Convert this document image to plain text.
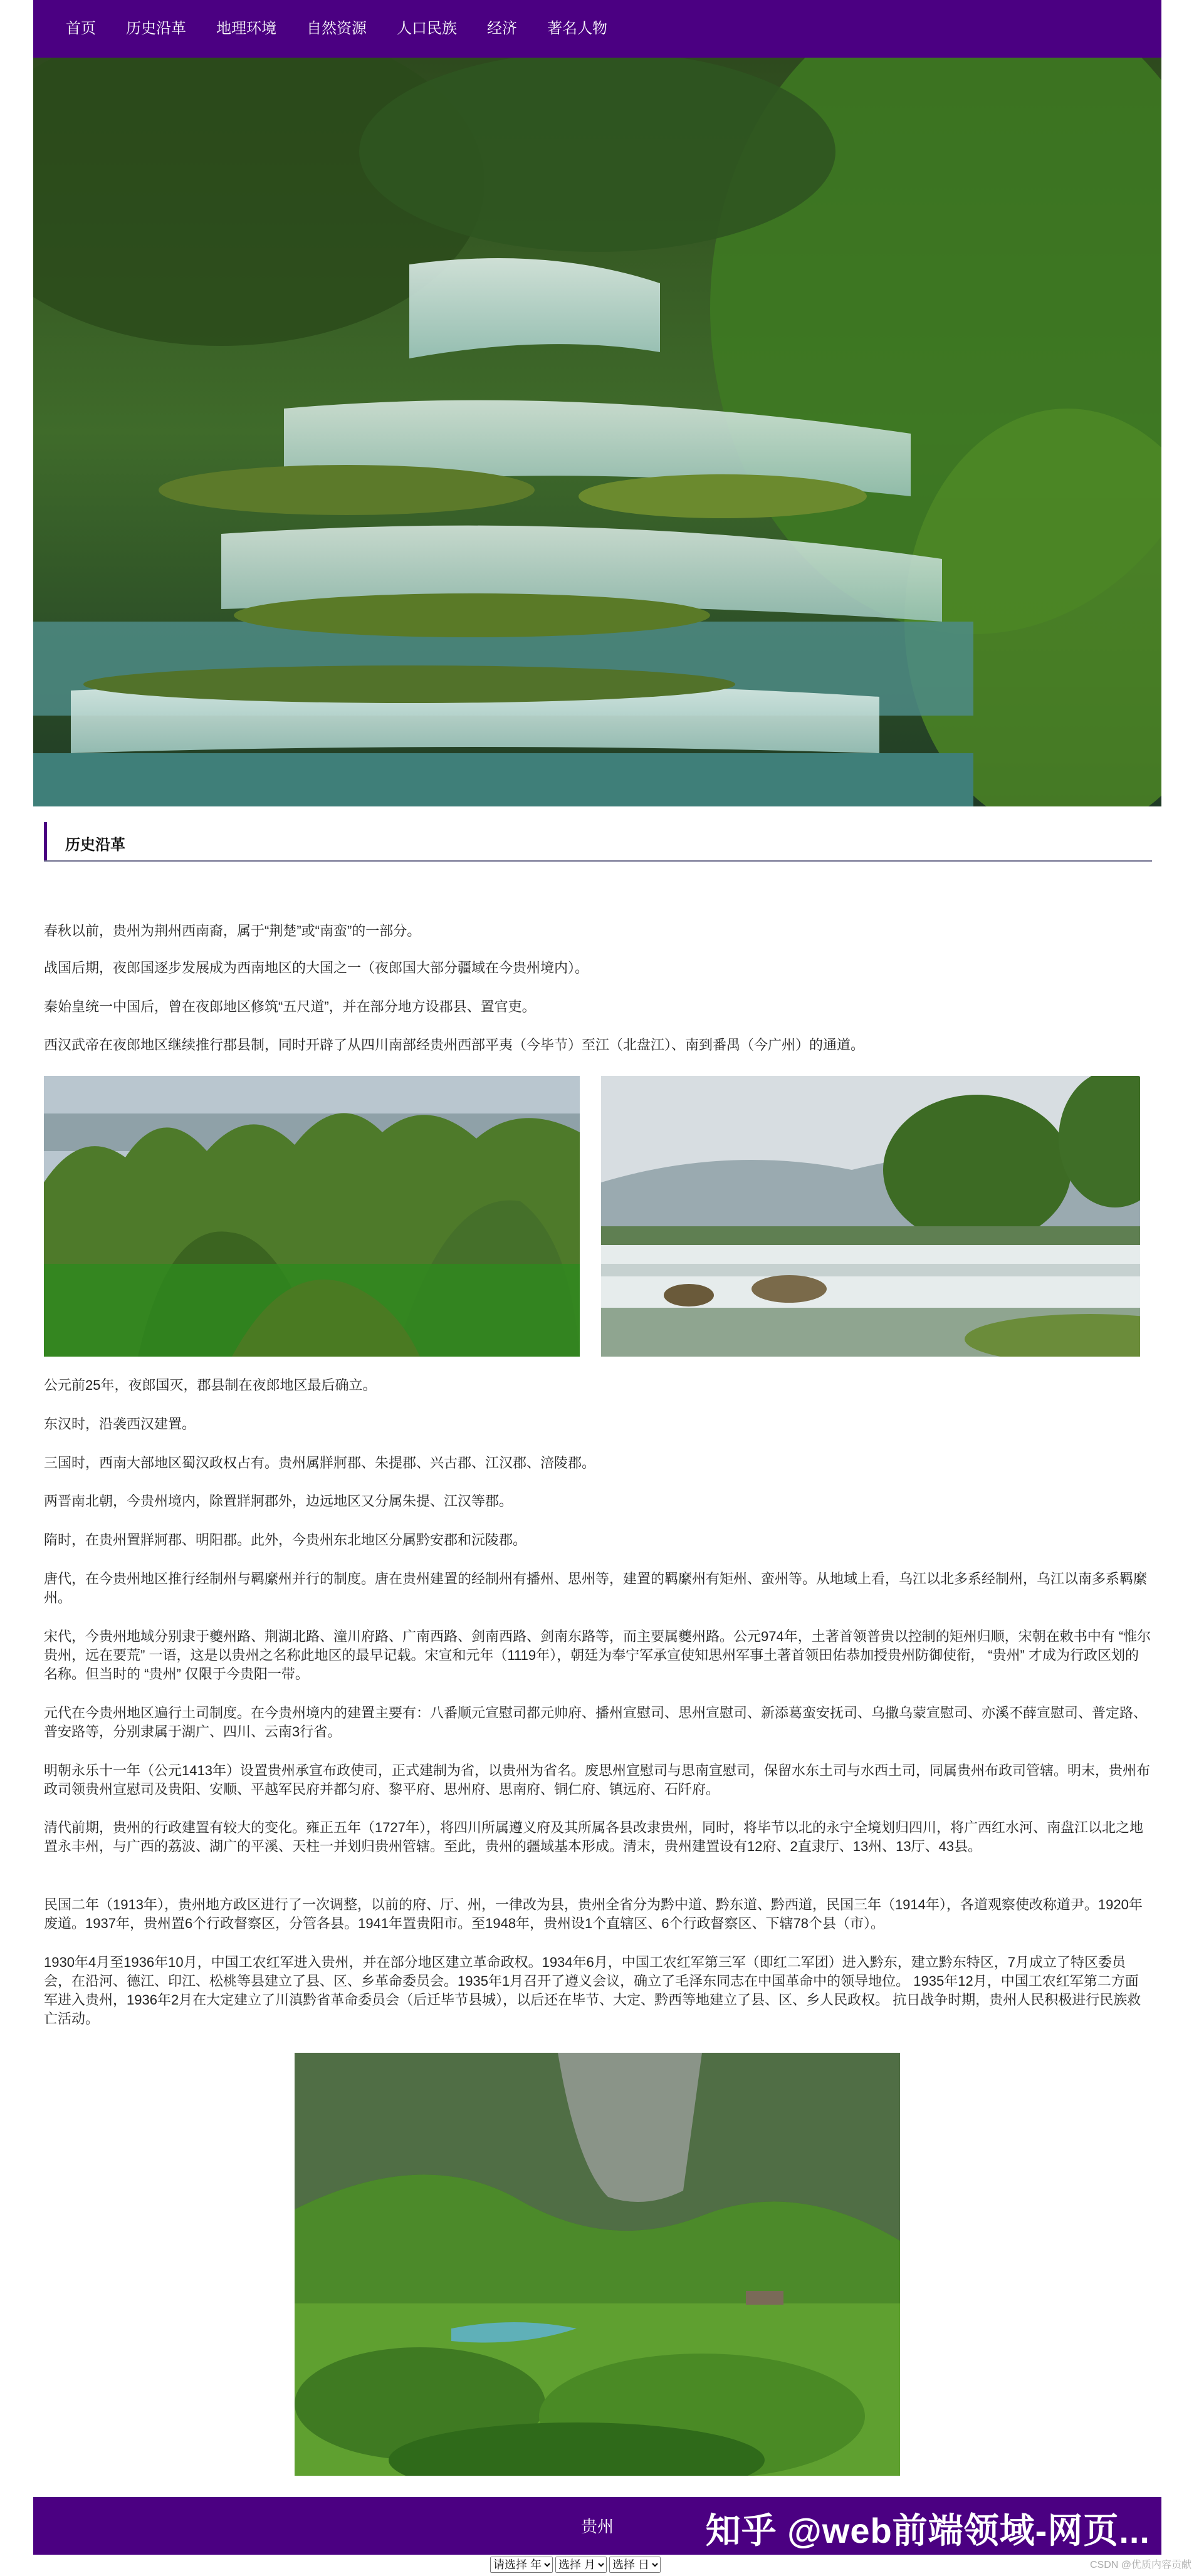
首页	历史沿革	地理环境	自然资源	人口民族	经济	著名人物
历史沿革
春秋以前，贵州为荆州西南裔，属于“荆楚”或“南蛮”的一部分。
战国后期，夜郎国逐步发展成为西南地区的大国之一（夜郎国大部分疆域在今贵州境内）。
秦始皇统一中国后，曾在夜郎地区修筑“五尺道”，并在部分地方设郡县、置官吏。
西汉武帝在夜郎地区继续推行郡县制，同时开辟了从四川南部经贵州西部平夷（今毕节）至江（北盘江）、南到番禺（今广州）的通道。
公元前25年，夜郎国灭，郡县制在夜郎地区最后确立。
东汉时，沿袭西汉建置。
三国时，西南大部地区蜀汉政权占有。贵州属牂牁郡、朱提郡、兴古郡、江汉郡、涪陵郡。
两晋南北朝，今贵州境内，除置牂牁郡外，边远地区又分属朱提、江汉等郡。
隋时，在贵州置牂牁郡、明阳郡。此外，今贵州东北地区分属黔安郡和沅陵郡。
唐代，在今贵州地区推行经制州与羁縻州并行的制度。唐在贵州建置的经制州有播州、思州等，建置的羁縻州有矩州、蛮州等。从地域上看，乌江以北多系经制州，乌江以南多系羁縻州。
宋代，今贵州地域分别隶于夔州路、荆湖北路、潼川府路、广南西路、剑南西路、剑南东路等，而主要属夔州路。公元974年，土著首领普贵以控制的矩州归顺，宋朝在敕书中有 “惟尔贵州，远在要荒” 一语，这是以贵州之名称此地区的最早记载。宋宣和元年（1119年），朝廷为奉宁军承宣使知思州军事土著首领田佑恭加授贵州防御使衔， “贵州” 才成为行政区划的名称。但当时的 “贵州” 仅限于今贵阳一带。
元代在今贵州地区遍行土司制度。在今贵州境内的建置主要有：八番顺元宣慰司都元帅府、播州宣慰司、思州宣慰司、新添葛蛮安抚司、乌撒乌蒙宣慰司、亦溪不薛宣慰司、普定路、普安路等，分别隶属于湖广、四川、云南3行省。
明朝永乐十一年（公元1413年）设置贵州承宣布政使司，正式建制为省，以贵州为省名。废思州宣慰司与思南宣慰司，保留水东土司与水西土司，同属贵州布政司管辖。明末，贵州布政司领贵州宣慰司及贵阳、安顺、平越军民府并都匀府、黎平府、思州府、思南府、铜仁府、镇远府、石阡府。
清代前期，贵州的行政建置有较大的变化。雍正五年（1727年），将四川所属遵义府及其所属各县改隶贵州，同时，将毕节以北的永宁全境划归四川，将广西红水河、南盘江以北之地置永丰州，与广西的荔波、湖广的平溪、天柱一并划归贵州管辖。至此，贵州的疆域基本形成。清末，贵州建置设有12府、2直隶厅、13州、13厅、43县。
民国二年（1913年），贵州地方政区进行了一次调整，以前的府、厅、州，一律改为县，贵州全省分为黔中道、黔东道、黔西道，民国三年（1914年），各道观察使改称道尹。1920年废道。1937年，贵州置6个行政督察区，分管各县。1941年置贵阳市。至1948年，贵州设1个直辖区、6个行政督察区、下辖78个县（市）。
1930年4月至1936年10月，中国工农红军进入贵州，并在部分地区建立革命政权。1934年6月，中国工农红军第三军（即红二军团）进入黔东，建立黔东特区，7月成立了特区委员会，在沿河、德江、印江、松桃等县建立了县、区、乡革命委员会。1935年1月召开了遵义会议，确立了毛泽东同志在中国革命中的领导地位。 1935年12月，中国工农红军第二方面军进入贵州，1936年2月在大定建立了川滇黔省革命委员会（后迁毕节县城），以后还在毕节、大定、黔西等地建立了县、区、乡人民政权。 抗日战争时期，贵州人民积极进行民族救亡活动。
贵州	知乎 @web前端领域-网页...
请选择 年
选择 月
选择 日
CSDN @优质内容贡献
